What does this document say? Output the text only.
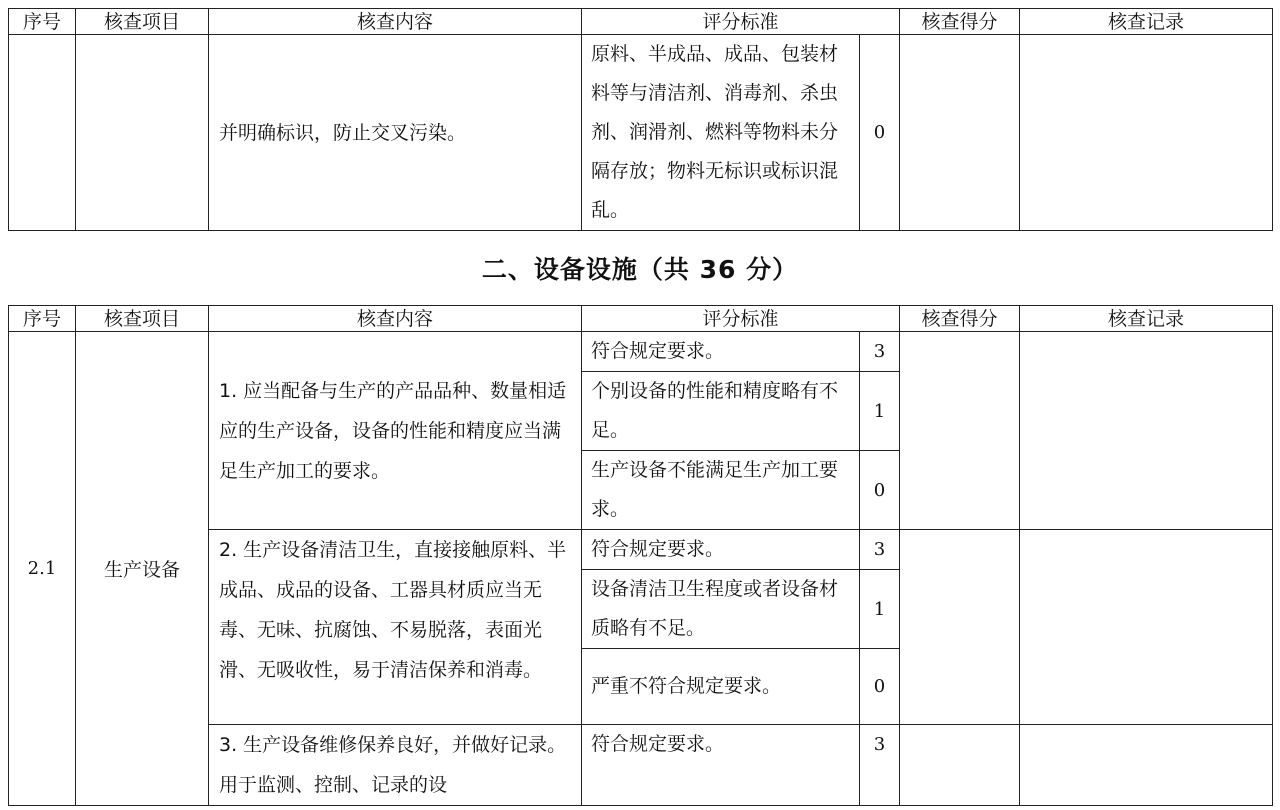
序号	核查项目	核查内容	评分标准		核查得分	核查记录
		并明确标识，防止交叉污染。	原料、半成品、成品、包装材料等与清洁剂、消毒剂、杀虫剂、润滑剂、燃料等物料未分隔存放；物料无标识或标识混乱。	0		
二、设备设施（共 36 分）
序号	核查项目	核查内容	评分标准		核查得分	核查记录
2.1	生产设备	1. 应当配备与生产的产品品种、数量相适应的生产设备，设备的性能和精度应当满足生产加工的要求。	符合规定要求。	3		
			个别设备的性能和精度略有不足。	1		
			生产设备不能满足生产加工要求。	0		
		2. 生产设备清洁卫生，直接接触原料、半成品、成品的设备、工器具材质应当无毒、无味、抗腐蚀、不易脱落，表面光滑、无吸收性，易于清洁保养和消毒。	符合规定要求。	3		
			设备清洁卫生程度或者设备材质略有不足。	1		
			严重不符合规定要求。	0		
		3. 生产设备维修保养良好，并做好记录。用于监测、控制、记录的设	符合规定要求。	3		
